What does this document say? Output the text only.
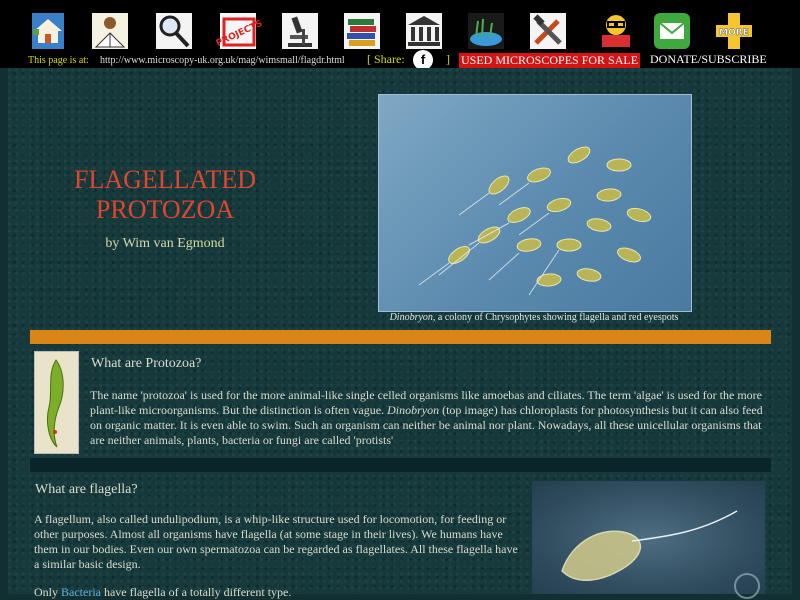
PROJECTS	MORE
This page is at: http://www.microscopy-uk.org.uk/mag/wimsmall/flagdr.html [ Share:	f	] USED MICROSCOPES FOR SALE DONATE/SUBSCRIBE
FLAGELLATED
PROTOZOA
by Wim van Egmond
Dinobryon, a colony of Chrysophytes showing flagella and red eyespots
What are Protozoa?
The name 'protozoa' is used for the more animal-like single celled organisms like amoebas and ciliates. The term 'algae' is used for the more plant-like microorganisms. But the distinction is often vague. Dinobryon (top image) has chloroplasts for photosynthesis but it can also feed on organic matter. It is even able to swim. Such an organism can neither be animal nor plant. Nowadays, all these unicellular organisms that are neither animals, plants, bacteria or fungi are called 'protists'
What are flagella?
A flagellum, also called undulipodium, is a whip-like structure used for locomotion, for feeding or other purposes. Almost all organisms have flagella (at some stage in their lives). We humans have them in our bodies. Even our own spermatozoa can be regarded as flagellates. All these flagella have a similar basic design.
Only Bacteria have flagella of a totally different type.
